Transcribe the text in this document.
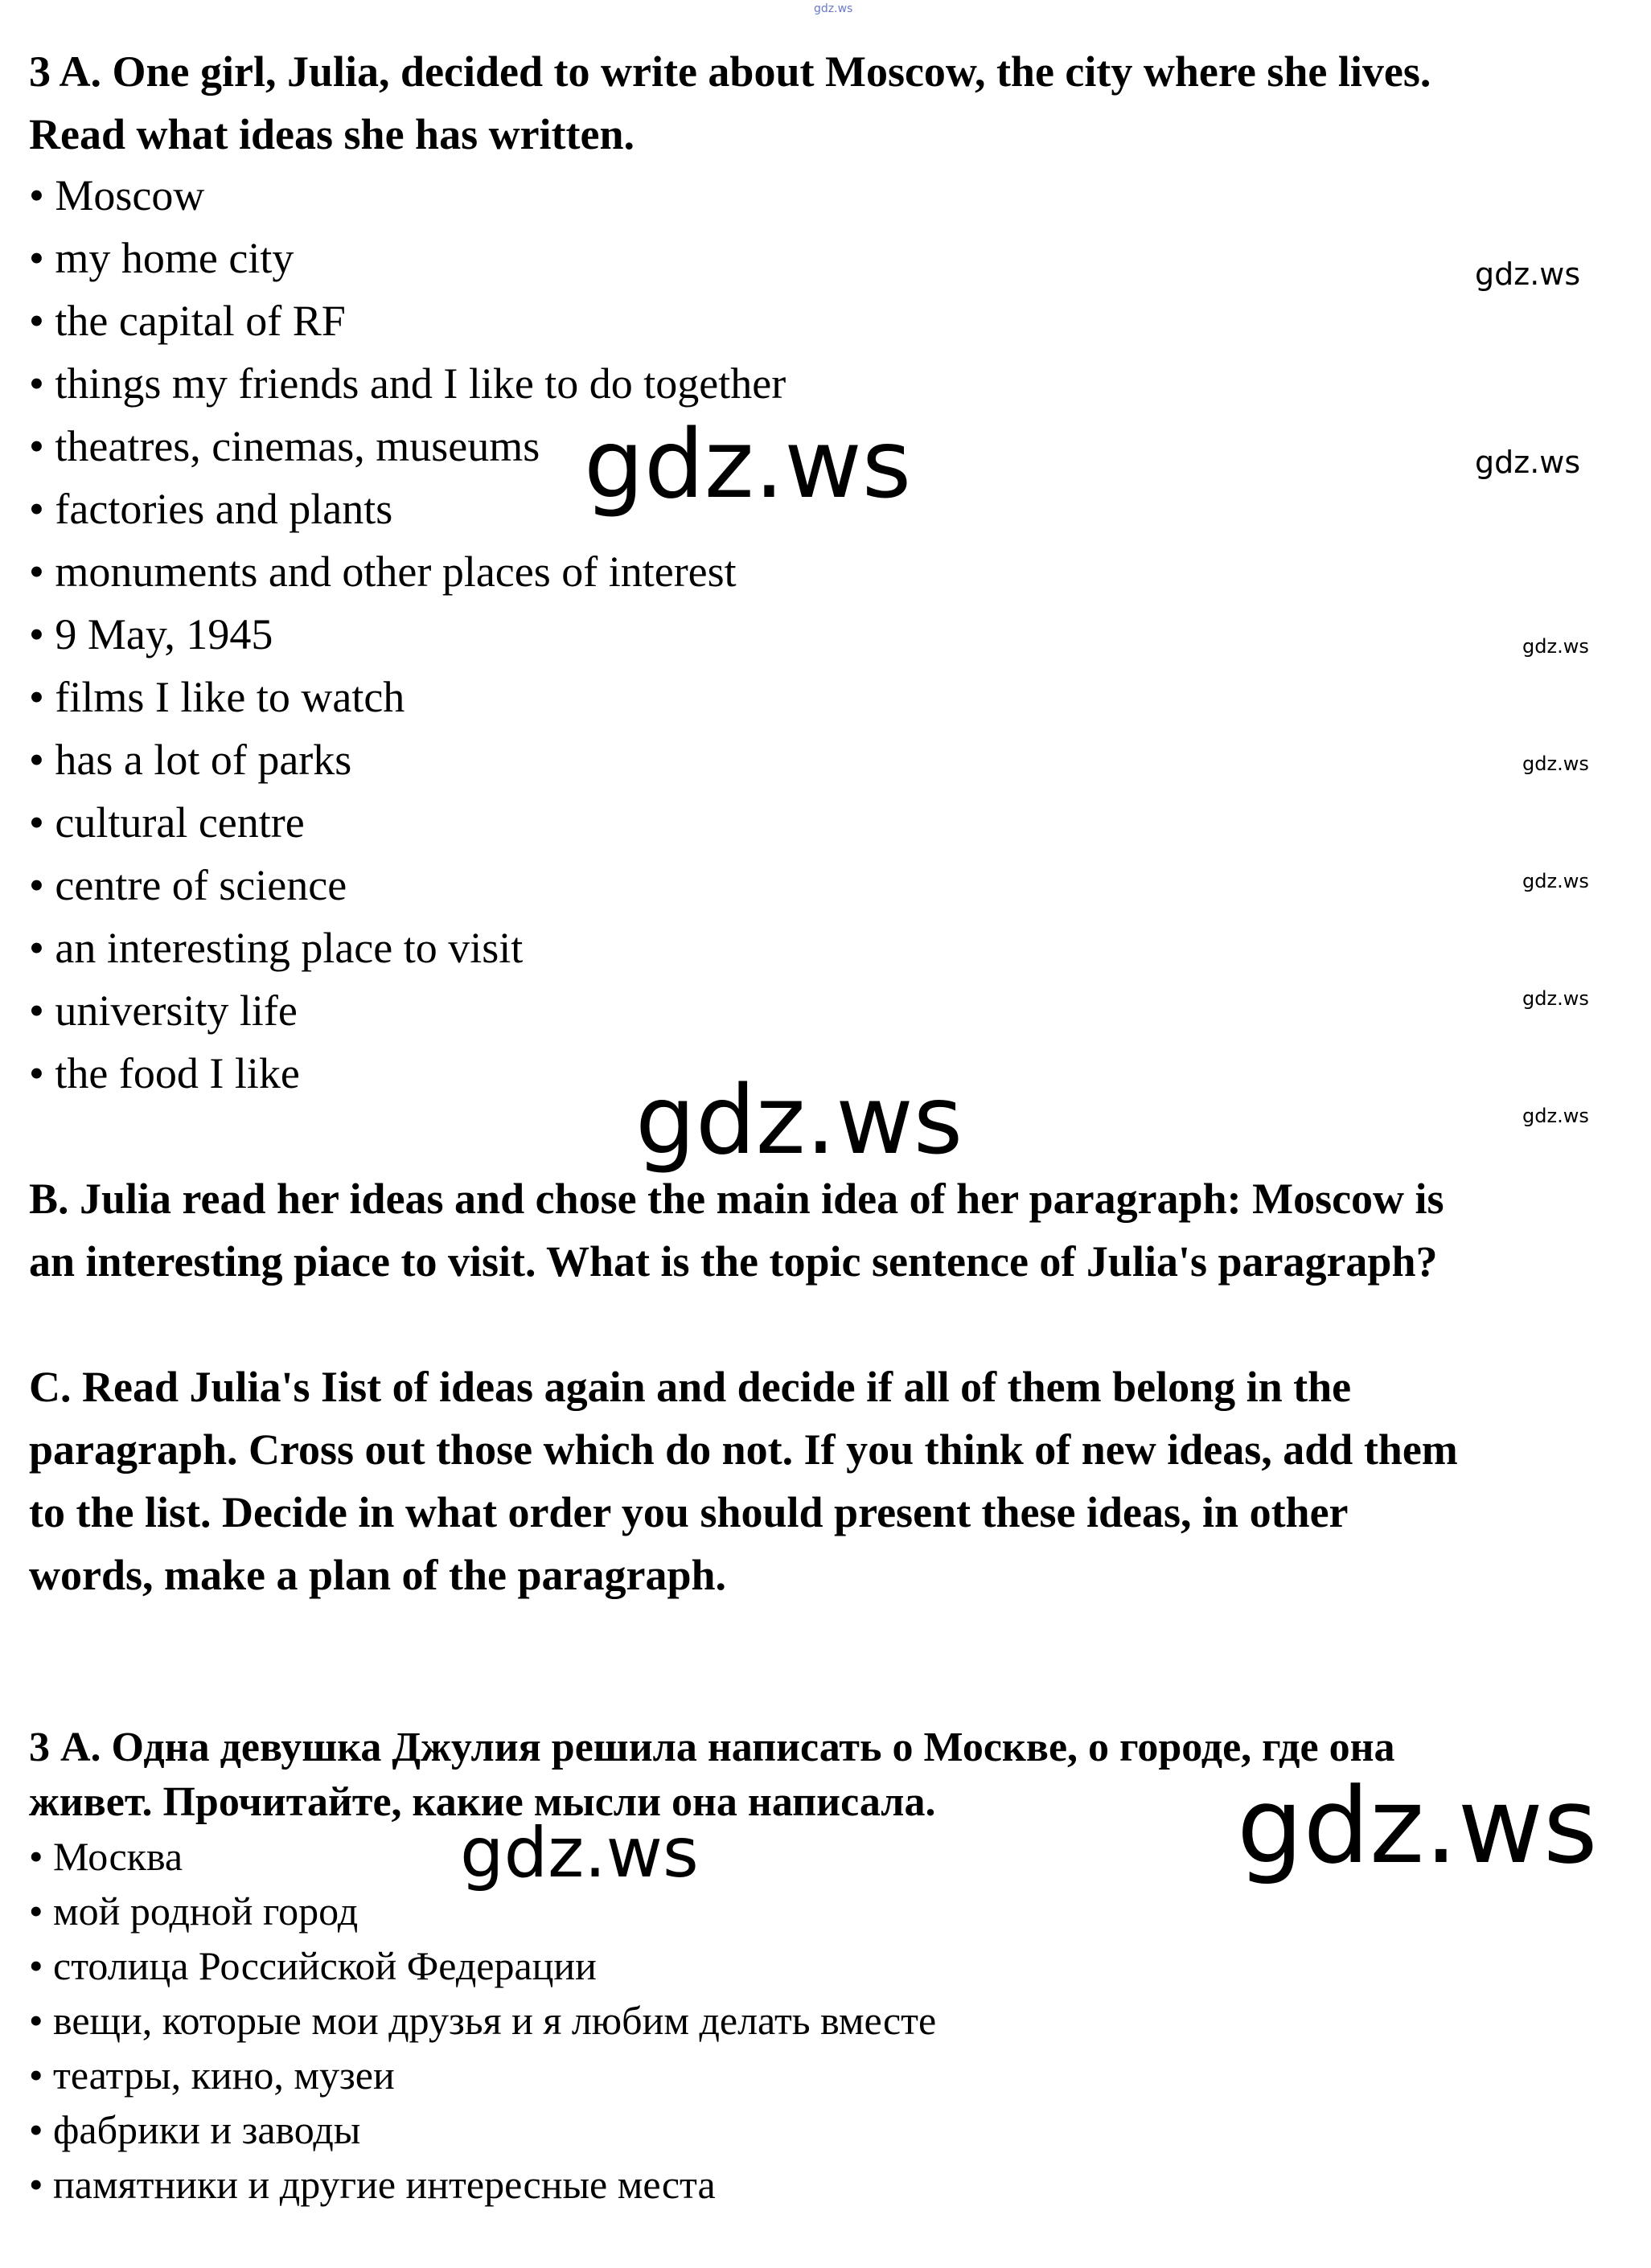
3 A. One girl, Julia, decided to write about Moscow, the city where she lives.

Read what ideas she has written.

• Moscow

• my home city

• the capital of RF

• things my friends and I like to do together

• theatres, cinemas, museums

• factories and plants

• monuments and other places of interest

• 9 May, 1945

• films I like to watch

• has a lot of parks

• cultural centre

• centre of science

• an interesting place to visit

• university life

• the food I like

B. Julia read her ideas and chose the main idea of her paragraph: Moscow is

an interesting piace to visit. What is the topic sentence of Julia's paragraph?

C. Read Julia's Iist of ideas again and decide if all of them belong in the

paragraph. Cross out those which do not. If you think of new ideas, add them

to the list. Decide in what order you should present these ideas, in other

words, make a plan of the paragraph.

3 А. Одна девушка Джулия решила написать о Москве, о городе, где она

живет. Прочитайте, какие мысли она написала.

• Москва

• мой родной город

• столица Российской Федерации

• вещи, которые мои друзья и я любим делать вместе

• театры, кино, музеи

• фабрики и заводы

• памятники и другие интересные места

gdz.ws
gdz.ws
gdz.ws
gdz.ws
gdz.ws
gdz.ws
gdz.ws
gdz.ws
gdz.ws
gdz.ws
gdz.ws
gdz.ws
